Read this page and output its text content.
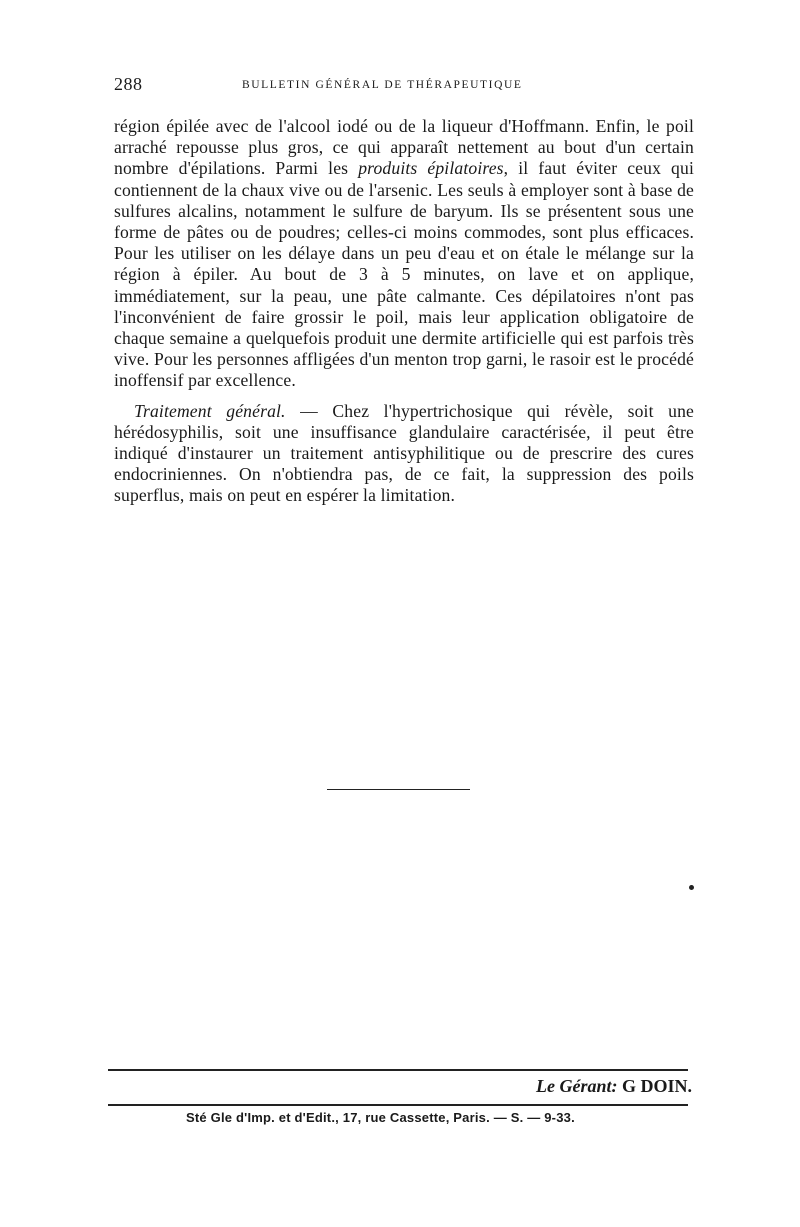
288	BULLETIN GÉNÉRAL DE THÉRAPEUTIQUE

région épilée avec de l'alcool iodé ou de la liqueur d'Hoffmann. Enfin, le poil arraché repousse plus gros, ce qui apparaît nettement au bout d'un certain nombre d'épilations. Parmi les produits épilatoires, il faut éviter ceux qui contiennent de la chaux vive ou de l'arsenic. Les seuls à employer sont à base de sulfures alcalins, notamment le sulfure de baryum. Ils se présentent sous une forme de pâtes ou de poudres; celles-ci moins commodes, sont plus efficaces. Pour les utiliser on les délaye dans un peu d'eau et on étale le mélange sur la région à épiler. Au bout de 3 à 5 minutes, on lave et on applique, immédiatement, sur la peau, une pâte calmante. Ces dépilatoires n'ont pas l'inconvénient de faire grossir le poil, mais leur application obligatoire de chaque semaine a quelquefois produit une dermite artificielle qui est parfois très vive. Pour les personnes affligées d'un menton trop garni, le rasoir est le procédé inoffensif par excellence.

Traitement général. — Chez l'hypertrichosique qui révèle, soit une hérédosyphilis, soit une insuffisance glandulaire caractérisée, il peut être indiqué d'instaurer un traitement antisyphilitique ou de prescrire des cures endocriniennes. On n'obtiendra pas, de ce fait, la suppression des poils superflus, mais on peut en espérer la limitation.

Le Gérant: G DOIN.
Sté Gle d'Imp. et d'Edit., 17, rue Cassette, Paris. — S. — 9-33.
